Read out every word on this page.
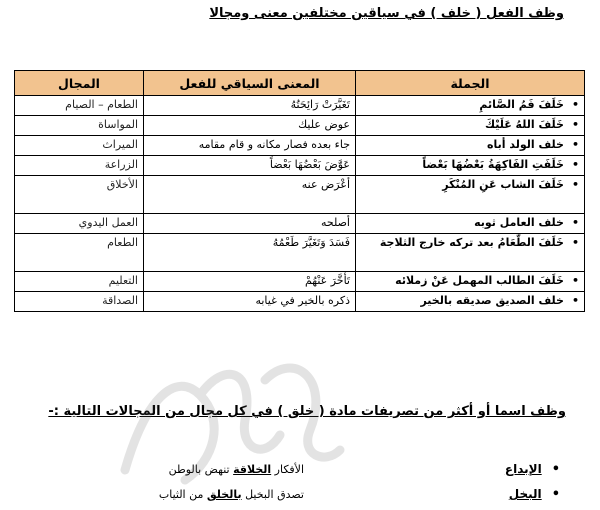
وظف الفعل ( خلف ) في سياقين مختلفين معنى ومجالا
الجملة	المعنى السياقي للفعل	المجال
•خَلَفَ فَمُ الصَّائمِ	تَغَيَّرَتْ رَائِحَتُهُ	الطعام – الصيام
•خَلَفَ اللهُ عَلَيْكَ	عوض عليك	المواساة
•خلف الولد أباه	جاء بعده فصار مكانه و قام مقامه	الميراث
•خَلَفَتِ الفَاكِهَةُ بَعْضُهَا بَعْضاً	عَوَّضَ بَعْضُهَا بَعْضاً	الزراعة
•خَلَفَ الشاب عَنِ المُنْكَرِ	أعْرَض عنه	الأخلاق
•خلف العامل ثوبه	أصلحه	العمل اليدوي
•خَلَفَ الطَّعَامُ بعد تركه خارج الثلاجة	فَسَدَ وَتَغَيَّرَ طَعْمُهُ	الطعام
•خَلَفَ الطالب المهمل عَنْ زملائه	تَأَخَّرَ عَنْهُمْ	التعليم
•خلف الصديق صديقه بالخير	ذكره بالخير في غيابه	الصداقة
وظف اسما أو أكثر من تصريفات مادة ( خلق ) في كل مجال من المجالات التالية :-
•الإبداع
الأفكار الخلاقة تنهض بالوطن
•البخل
تصدق البخيل بالخلق من الثياب
